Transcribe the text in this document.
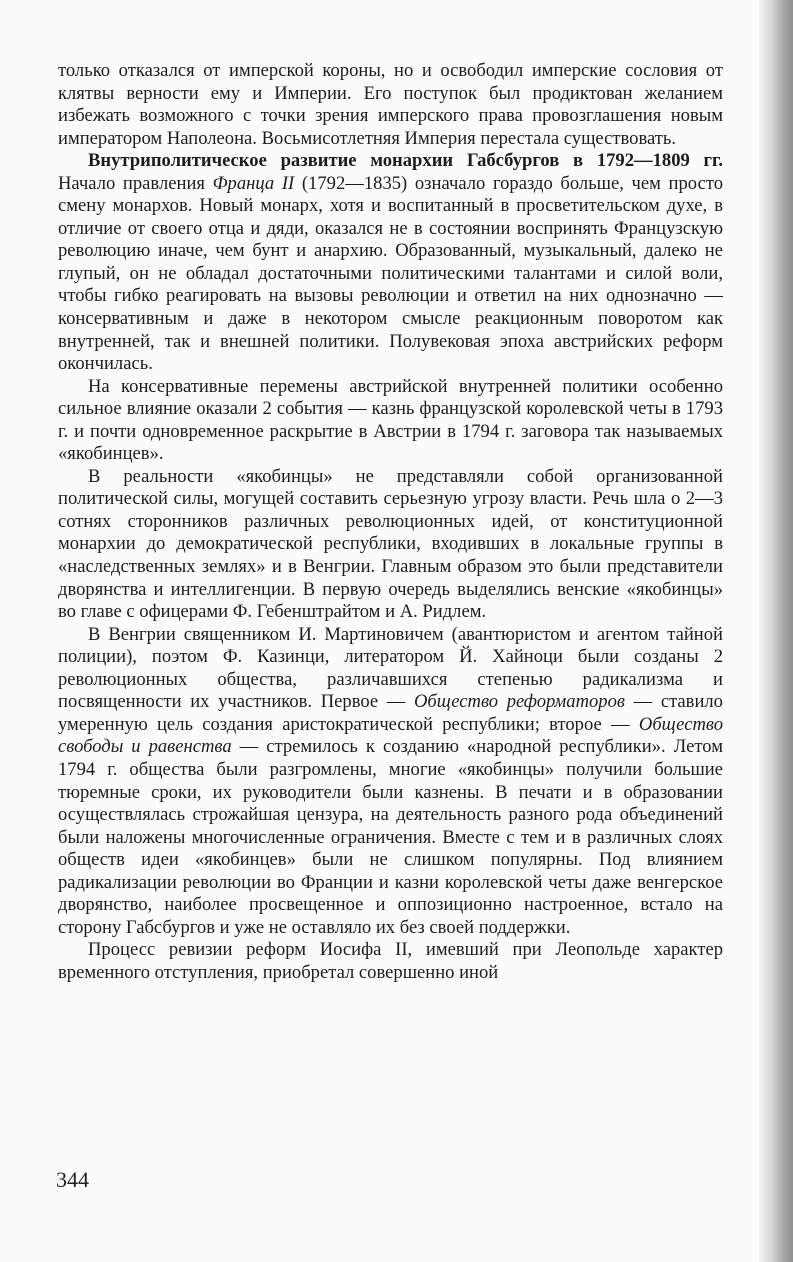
только отказался от имперской короны, но и освободил имперские сословия от клятвы верности ему и Империи. Его поступок был продиктован желанием избежать возможного с точки зрения имперского права провозглашения новым императором Наполеона. Восьмисотлетняя Империя перестала существовать.

Внутриполитическое развитие монархии Габсбургов в 1792—1809 гг. Начало правления Франца II (1792—1835) означало гораздо больше, чем просто смену монархов. Новый монарх, хотя и воспитанный в просветительском духе, в отличие от своего отца и дяди, оказался не в состоянии воспринять Французскую революцию иначе, чем бунт и анархию. Образованный, музыкальный, далеко не глупый, он не обладал достаточными политическими талантами и силой воли, чтобы гибко реагировать на вызовы революции и ответил на них однозначно — консервативным и даже в некотором смысле реакционным поворотом как внутренней, так и внешней политики. Полувековая эпоха австрийских реформ окончилась.

На консервативные перемены австрийской внутренней политики особенно сильное влияние оказали 2 события — казнь французской королевской четы в 1793 г. и почти одновременное раскрытие в Австрии в 1794 г. заговора так называемых «якобинцев».

В реальности «якобинцы» не представляли собой организованной политической силы, могущей составить серьезную угрозу власти. Речь шла о 2—3 сотнях сторонников различных революционных идей, от конституционной монархии до демократической республики, входивших в локальные группы в «наследственных землях» и в Венгрии. Главным образом это были представители дворянства и интеллигенции. В первую очередь выделялись венские «якобинцы» во главе с офицерами Ф. Гебенштрайтом и А. Ридлем.

В Венгрии священником И. Мартиновичем (авантюристом и агентом тайной полиции), поэтом Ф. Казинци, литератором Й. Хайноци были созданы 2 революционных общества, различавшихся степенью радикализма и посвященности их участников. Первое — Общество реформаторов — ставило умеренную цель создания аристократической республики; второе — Общество свободы и равенства — стремилось к созданию «народной республики». Летом 1794 г. общества были разгромлены, многие «якобинцы» получили большие тюремные сроки, их руководители были казнены. В печати и в образовании осуществлялась строжайшая цензура, на деятельность разного рода объединений были наложены многочисленные ограничения. Вместе с тем и в различных слоях обществ идеи «якобинцев» были не слишком популярны. Под влиянием радикализации революции во Франции и казни королевской четы даже венгерское дворянство, наиболее просвещенное и оппозиционно настроенное, встало на сторону Габсбургов и уже не оставляло их без своей поддержки.

Процесс ревизии реформ Иосифа II, имевший при Леопольде характер временного отступления, приобретал совершенно иной

344
